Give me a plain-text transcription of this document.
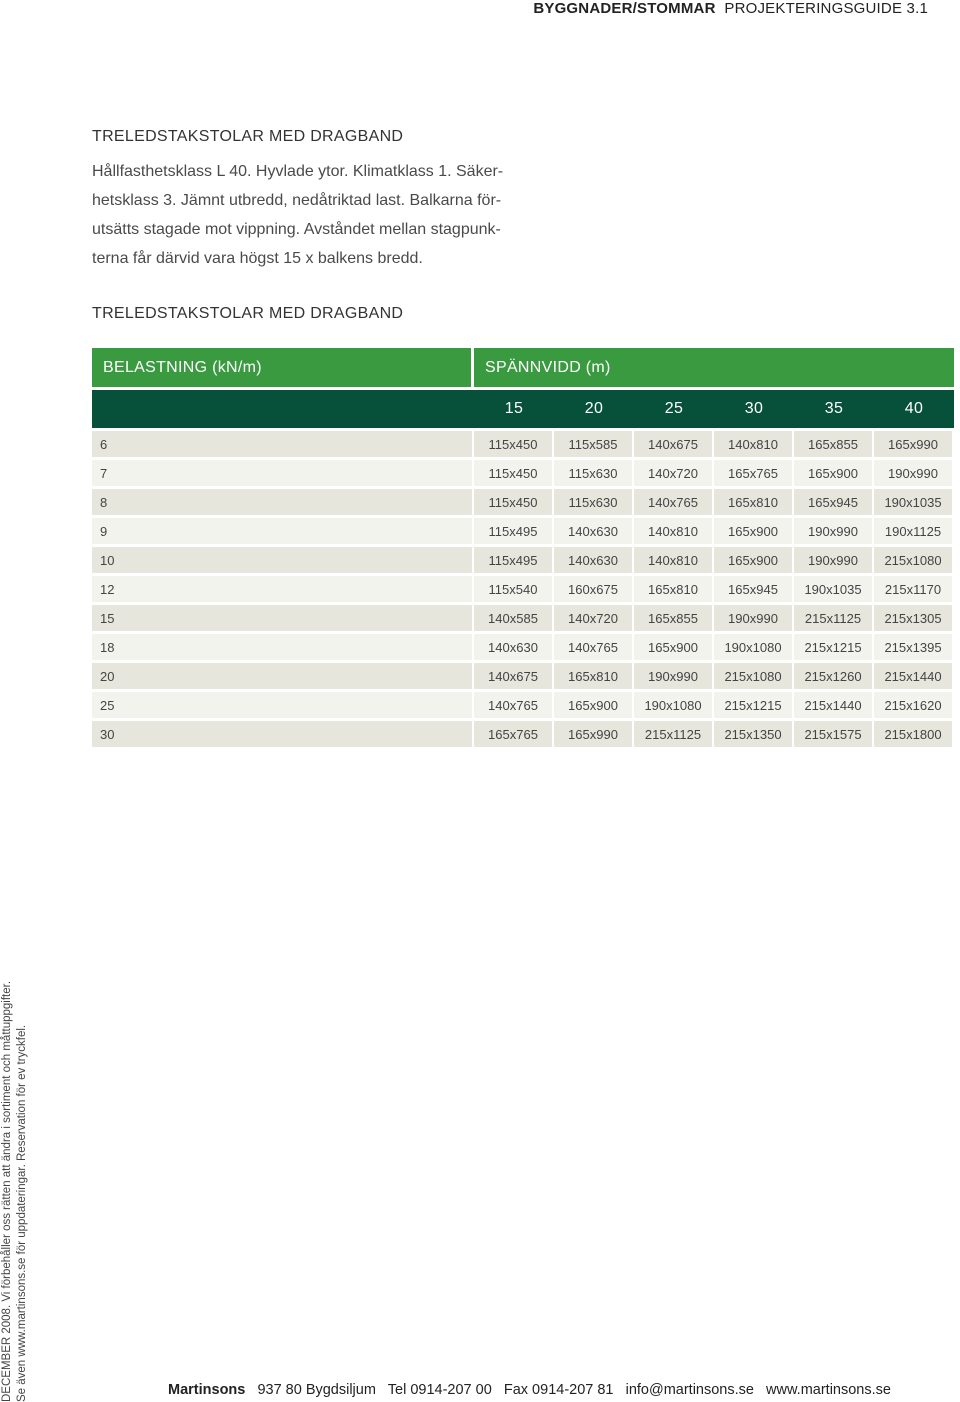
BYGGNADER/STOMMAR PROJEKTERINGSGUIDE 3.1
TRELEDSTAKSTOLAR MED DRAGBAND

Hållfasthetsklass L 40. Hyvlade ytor. Klimatklass 1. Säker-
hetsklass 3. Jämnt utbredd, nedåtriktad last. Balkarna för-
utsätts stagade mot vippning. Avståndet mellan stagpunk-
terna får därvid vara högst 15 x balkens bredd.

TRELEDSTAKSTOLAR MED DRAGBAND
BELASTNING (kN/m)	SPÄNNVIDD (m)
15	20	25	30	35	40
6	115x450	115x585	140x675	140x810	165x855	165x990
7	115x450	115x630	140x720	165x765	165x900	190x990
8	115x450	115x630	140x765	165x810	165x945	190x1035
9	115x495	140x630	140x810	165x900	190x990	190x1125
10	115x495	140x630	140x810	165x900	190x990	215x1080
12	115x540	160x675	165x810	165x945	190x1035	215x1170
15	140x585	140x720	165x855	190x990	215x1125	215x1305
18	140x630	140x765	165x900	190x1080	215x1215	215x1395
20	140x675	165x810	190x990	215x1080	215x1260	215x1440
25	140x765	165x900	190x1080	215x1215	215x1440	215x1620
30	165x765	165x990	215x1125	215x1350	215x1575	215x1800
DECEMBER 2008. Vi förbehåller oss rätten att ändra i sortiment och måttuppgifter. Se även www.martinsons.se för uppdateringar. Reservation för ev tryckfel.	Martinsons 937 80 Bygdsiljum Tel 0914-207 00 Fax 0914-207 81 info@martinsons.se www.martinsons.se
